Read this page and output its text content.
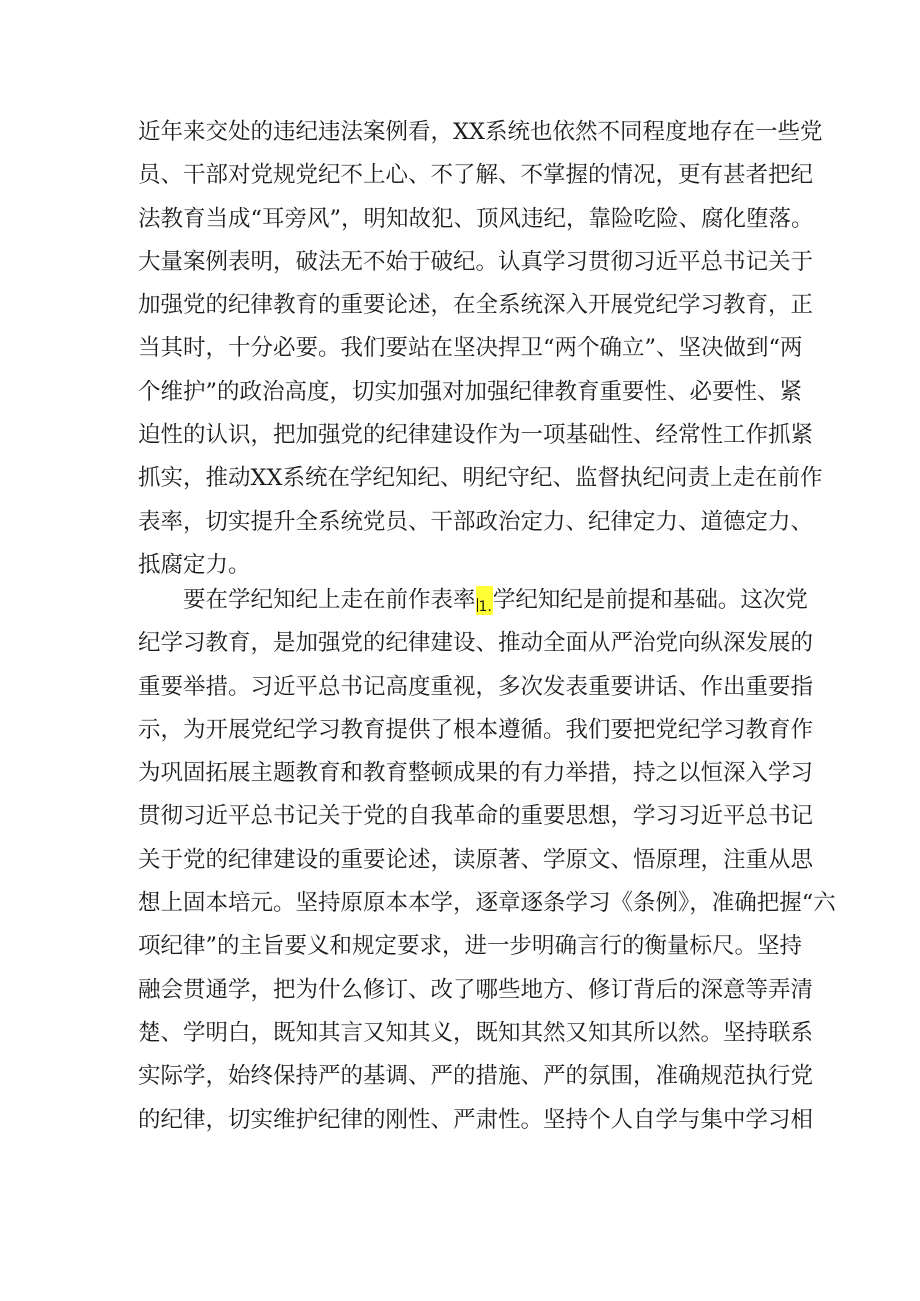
近年来交处的违纪违法案例看，XX系统也依然不同程度地存在一些党
员、干部对党规党纪不上心、不了解、不掌握的情况，更有甚者把纪
法教育当成“耳旁风”，明知故犯、顶风违纪，靠险吃险、腐化堕落。
大量案例表明，破法无不始于破纪。认真学习贯彻习近平总书记关于
加强党的纪律教育的重要论述，在全系统深入开展党纪学习教育，正
当其时，十分必要。我们要站在坚决捍卫“两个确立”、坚决做到“两
个维护”的政治高度，切实加强对加强纪律教育重要性、必要性、紧
迫性的认识，把加强党的纪律建设作为一项基础性、经常性工作抓紧
抓实，推动XX系统在学纪知纪、明纪守纪、监督执纪问责上走在前作
表率，切实提升全系统党员、干部政治定力、纪律定力、道德定力、
抵腐定力。
要在学纪知纪上走在前作表率 1.学纪知纪是前提和基础。这次党
纪学习教育，是加强党的纪律建设、推动全面从严治党向纵深发展的
重要举措。习近平总书记高度重视，多次发表重要讲话、作出重要指
示，为开展党纪学习教育提供了根本遵循。我们要把党纪学习教育作
为巩固拓展主题教育和教育整顿成果的有力举措，持之以恒深入学习
贯彻习近平总书记关于党的自我革命的重要思想，学习习近平总书记
关于党的纪律建设的重要论述，读原著、学原文、悟原理，注重从思
想上固本培元。坚持原原本本学，逐章逐条学习《条例》，准确把握“六
项纪律”的主旨要义和规定要求，进一步明确言行的衡量标尺。坚持
融会贯通学，把为什么修订、改了哪些地方、修订背后的深意等弄清
楚、学明白，既知其言又知其义，既知其然又知其所以然。坚持联系
实际学，始终保持严的基调、严的措施、严的氛围，准确规范执行党
的纪律，切实维护纪律的刚性、严肃性。坚持个人自学与集中学习相
